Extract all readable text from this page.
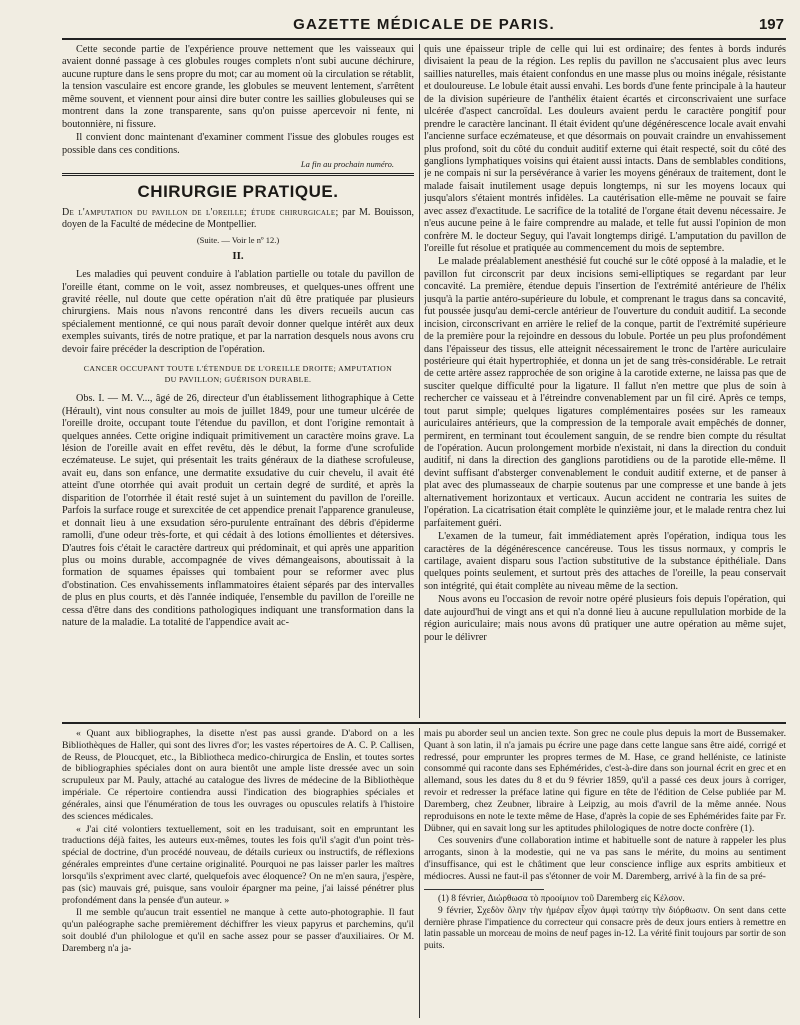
GAZETTE MÉDICALE DE PARIS.	197

Cette seconde partie de l'expérience prouve nettement que les vaisseaux qui avaient donné passage à ces globules rouges complets n'ont subi aucune déchirure, aucune rupture dans le sens propre du mot; car au moment où la circulation se rétablit, la tension vasculaire est encore grande, les globules se meuvent lentement, s'arrêtent même souvent, et viennent pour ainsi dire buter contre les saillies globuleuses qui se montrent dans la zone transparente, sans qu'on puisse apercevoir ni fente, ni boutonnière, ni fissure.

Il convient donc maintenant d'examiner comment l'issue des globules rouges est possible dans ces conditions.

La fin au prochain numéro.
CHIRURGIE PRATIQUE.

De l'amputation du pavillon de l'oreille; étude chirurgicale; par M. Bouisson, doyen de la Faculté de médecine de Montpellier.

(Suite. — Voir le nº 12.)
II.

Les maladies qui peuvent conduire à l'ablation partielle ou totale du pavillon de l'oreille étant, comme on le voit, assez nombreuses, et quelques-unes offrent une gravité réelle, nul doute que cette opération n'ait dû être pratiquée par plusieurs chirurgiens. Mais nous n'avons rencontré dans les divers recueils aucun cas spécialement mentionné, ce qui nous paraît devoir donner quelque intérêt aux deux exemples suivants, tirés de notre pratique, et par la narration desquels nous avons cru devoir faire précéder la description de l'opération.

CANCER OCCUPANT TOUTE L'ÉTENDUE DE L'OREILLE DROITE; AMPUTATION
DU PAVILLON; GUÉRISON DURABLE.

Obs. I. — M. V..., âgé de 26, directeur d'un établissement lithographique à Cette (Hérault), vint nous consulter au mois de juillet 1849, pour une tumeur ulcérée de l'oreille droite, occupant toute l'étendue du pavillon, et dont l'origine remontait à quelques années. Cette origine indiquait primitivement un caractère moins grave. La lésion de l'oreille avait en effet revêtu, dès le début, la forme d'une scrofulide eczémateuse. Le sujet, qui présentait les traits généraux de la diathese scrofuleuse, avait eu, dans son enfance, une dermatite exsudative du cuir chevelu, il avait été atteint d'une otorrhée qui avait produit un certain degré de surdité, et après la disparition de l'otorrhée il était resté sujet à un suintement du pavillon de l'oreille. Parfois la surface rouge et surexcitée de cet appendice prenait l'apparence granuleuse, et donnait lieu à une exsudation séro-purulente entraînant des débris d'épiderme ramolli, d'une odeur très-forte, et qui cédait à des lotions émollientes et détersives. D'autres fois c'était le caractère dartreux qui prédominait, et qui après une apparition plus ou moins durable, accompagnée de vives démangeaisons, aboutissait à la formation de squames épaisses qui tombaient pour se reformer avec plus d'obstination. Ces envahissements inflammatoires étaient séparés par des intervalles de plus en plus courts, et dès l'année indiquée, l'ensemble du pavillon de l'oreille ne cessa d'être dans des conditions pathologiques indiquant une transformation dans la nature de la maladie. La totalité de l'appendice avait ac-

quis une épaisseur triple de celle qui lui est ordinaire; des fentes à bords indurés divisaient la peau de la région. Les replis du pavillon ne s'accusaient plus avec leurs saillies naturelles, mais étaient confondus en une masse plus ou moins inégale, résistante et douloureuse. Le lobule était aussi envahi. Les bords d'une fente principale à la hauteur de la division supérieure de l'anthélix étaient écartés et circonscrivaient une surface ulcérée d'aspect cancroïdal. Les douleurs avaient perdu le caractère pongitif pour prendre le caractère lancinant. Il était évident qu'une dégénérescence locale avait envahi l'ancienne surface eczémateuse, et que désormais on pouvait craindre un envahissement plus profond, soit du côté du conduit auditif externe qui était respecté, soit du côté des ganglions lymphatiques voisins qui étaient aussi intacts. Dans de semblables conditions, je ne compais ni sur la persévérance à varier les moyens généraux de traitement, dont le malade faisait inutilement usage depuis longtemps, ni sur les moyens locaux qui jusqu'alors s'étaient montrés infidèles. La cautérisation elle-même ne pouvait se faire avec assez d'exactitude. Le sacrifice de la totalité de l'organe était devenu nécessaire. Je n'eus aucune peine à le faire comprendre au malade, et telle fut aussi l'opinion de mon confrère M. le docteur Seguy, qui l'avait longtemps dirigé. L'amputation du pavillon de l'oreille fut résolue et pratiquée au commencement du mois de septembre.

Le malade préalablement anesthésié fut couché sur le côté opposé à la maladie, et le pavillon fut circonscrit par deux incisions semi-elliptiques se regardant par leur concavité. La première, étendue depuis l'insertion de l'extrémité antérieure de l'hélix jusqu'à la partie antéro-supérieure du lobule, et comprenant le tragus dans sa concavité, fut poussée jusqu'au demi-cercle antérieur de l'ouverture du conduit auditif. La seconde incision, circonscrivant en arrière le relief de la conque, partit de l'extrémité supérieure de la première pour la rejoindre en dessous du lobule. Portée un peu plus profondément dans l'épaisseur des tissus, elle atteignit nécessairement le tronc de l'artère auriculaire postérieure qui était hypertrophiée, et donna un jet de sang très-considérable. Le retrait de cette artère assez rapprochée de son origine à la carotide externe, ne laissa pas que de susciter quelque difficulté pour la ligature. Il fallut n'en mettre que plus de soin à rechercher ce vaisseau et à l'étreindre convenablement par un fil ciré. Après ce temps, tout parut simple; quelques ligatures complémentaires posées sur les rameaux auriculaires antérieurs, que la compression de la temporale avait empêchés de donner, permirent, en terminant tout écoulement sanguin, de se rendre bien compte du résultat de l'opération. Aucun prolongement morbide n'existait, ni dans la direction du conduit auditif, ni dans la direction des ganglions parotidiens ou de la parotide elle-même. Il devint suffisant d'absterger convenablement le conduit auditif externe, et de panser à plat avec des plumasseaux de charpie soutenus par une compresse et une bande à jets alternativement horizontaux et verticaux. Aucun accident ne contraria les suites de l'opération. La cicatrisation était complète le quinzième jour, et le malade rentra chez lui parfaitement guéri.

L'examen de la tumeur, fait immédiatement après l'opération, indiqua tous les caractères de la dégénérescence cancéreuse. Tous les tissus normaux, y compris le cartilage, avaient disparu sous l'action substitutive de la substance épithéliale. Dans quelques points seulement, et surtout près des attaches de l'oreille, la peau conservait son intégrité, qui était complète au niveau même de la section.

Nous avons eu l'occasion de revoir notre opéré plusieurs fois depuis l'opération, qui date aujourd'hui de vingt ans et qui n'a donné lieu à aucune repullulation morbide de la région auriculaire; mais nous avons dû pratiquer une autre opération au même sujet, pour le délivrer

« Quant aux bibliographes, la disette n'est pas aussi grande. D'abord on a les Bibliothèques de Haller, qui sont des livres d'or; les vastes répertoires de A. C. P. Callisen, de Reuss, de Ploucquet, etc., la Bibliotheca medico-chirurgica de Enslin, et toutes sortes de bibliographies spéciales dont on aura bientôt une ample liste dressée avec un soin scrupuleux par M. Pauly, attaché au catalogue des livres de médecine de la Bibliothèque impériale. Ce répertoire contiendra aussi l'indication des biographies spéciales et générales, ainsi que l'énumération de tous les ouvrages ou opuscules relatifs à l'histoire des sciences médicales.

« J'ai cité volontiers textuellement, soit en les traduisant, soit en empruntant les traductions déjà faites, les auteurs eux-mêmes, toutes les fois qu'il s'agit d'un point très-spécial de doctrine, d'un procédé nouveau, de détails curieux ou instructifs, de réflexions générales empreintes d'une certaine originalité. Pourquoi ne pas laisser parler les maîtres lorsqu'ils s'expriment avec clarté, quelquefois avec éloquence? On ne m'en saura, j'espère, pas (sic) mauvais gré, puisque, sans vouloir épargner ma peine, j'ai laissé pénétrer plus profondément dans la pensée d'un auteur. »

Il me semble qu'aucun trait essentiel ne manque à cette auto-photographie. Il faut qu'un paléographe sache premièrement déchiffrer les vieux papyrus et parchemins, qu'il soit doublé d'un philologue et qu'il en sache assez pour se passer d'auxiliaires. Or M. Daremberg n'a ja-

mais pu aborder seul un ancien texte. Son grec ne coule plus depuis la mort de Bussemaker. Quant à son latin, il n'a jamais pu écrire une page dans cette langue sans être aidé, corrigé et redressé, pour emprunter les propres termes de M. Hase, ce grand helléniste, ce latiniste consommé qui raconte dans ses Ephémérides, c'est-à-dire dans son journal écrit en grec et en allemand, sous les dates du 8 et du 9 février 1859, qu'il a passé ces deux jours à corriger, revoir et redresser la préface latine qui figure en tête de l'édition de Celse publiée par M. Daremberg, chez Zeubner, libraire à Leipzig, au mois d'avril de la même année. Nous reproduisons en note le texte même de Hase, d'après la copie de ses Ephémérides faite par Fr. Dübner, qui en savait long sur les aptitudes philologiques de notre docte confrère (1).

Ces souvenirs d'une collaboration intime et habituelle sont de nature à rappeler les plus arrogants, sinon à la modestie, qui ne va pas sans le mérite, du moins au sentiment d'insuffisance, qui est le châtiment que leur conscience inflige aux esprits ambitieux et médiocres. Aussi ne faut-il pas s'étonner de voir M. Daremberg, arrivé à la fin de sa pré-

(1) 8 février, Διώρθωσα τὸ προοίμιον τοῦ Daremberg εἰς Κέλσον.

9 février, Σχεδὸν ὅλην τὴν ἡμέραν εἶχον ἀμφὶ ταύτην τὴν διόρθωσιν. On sent dans cette dernière phrase l'impatience du correcteur qui consacre près de deux jours entiers à remettre en latin passable un morceau de moins de neuf pages in-12. La vérité finit toujours par sortir de son puits.
